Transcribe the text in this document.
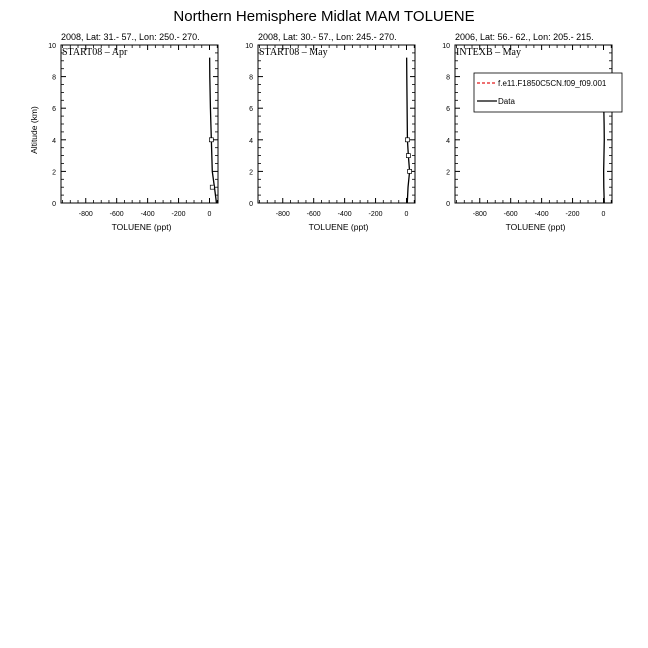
Northern Hemisphere Midlat MAM TOLUENE
2008, Lat: 31.- 57., Lon: 250.- 270.
START08 – Apr
0
2
4
6
8
10
-800 -600 -400 -200	0
TOLUENE (ppt)
Altitude (km)
2008, Lat: 30.- 57., Lon: 245.- 270.
START08 – May
0
2
4
6
8
10
-800 -600 -400 -200	0
TOLUENE (ppt)
2006, Lat: 56.- 62., Lon: 205.- 215.
INTEXB – May
0
2
4
6
8
10
-800 -600 -400 -200	0
TOLUENE (ppt)
f.e11.F1850C5CN.f09_f09.001
Data
